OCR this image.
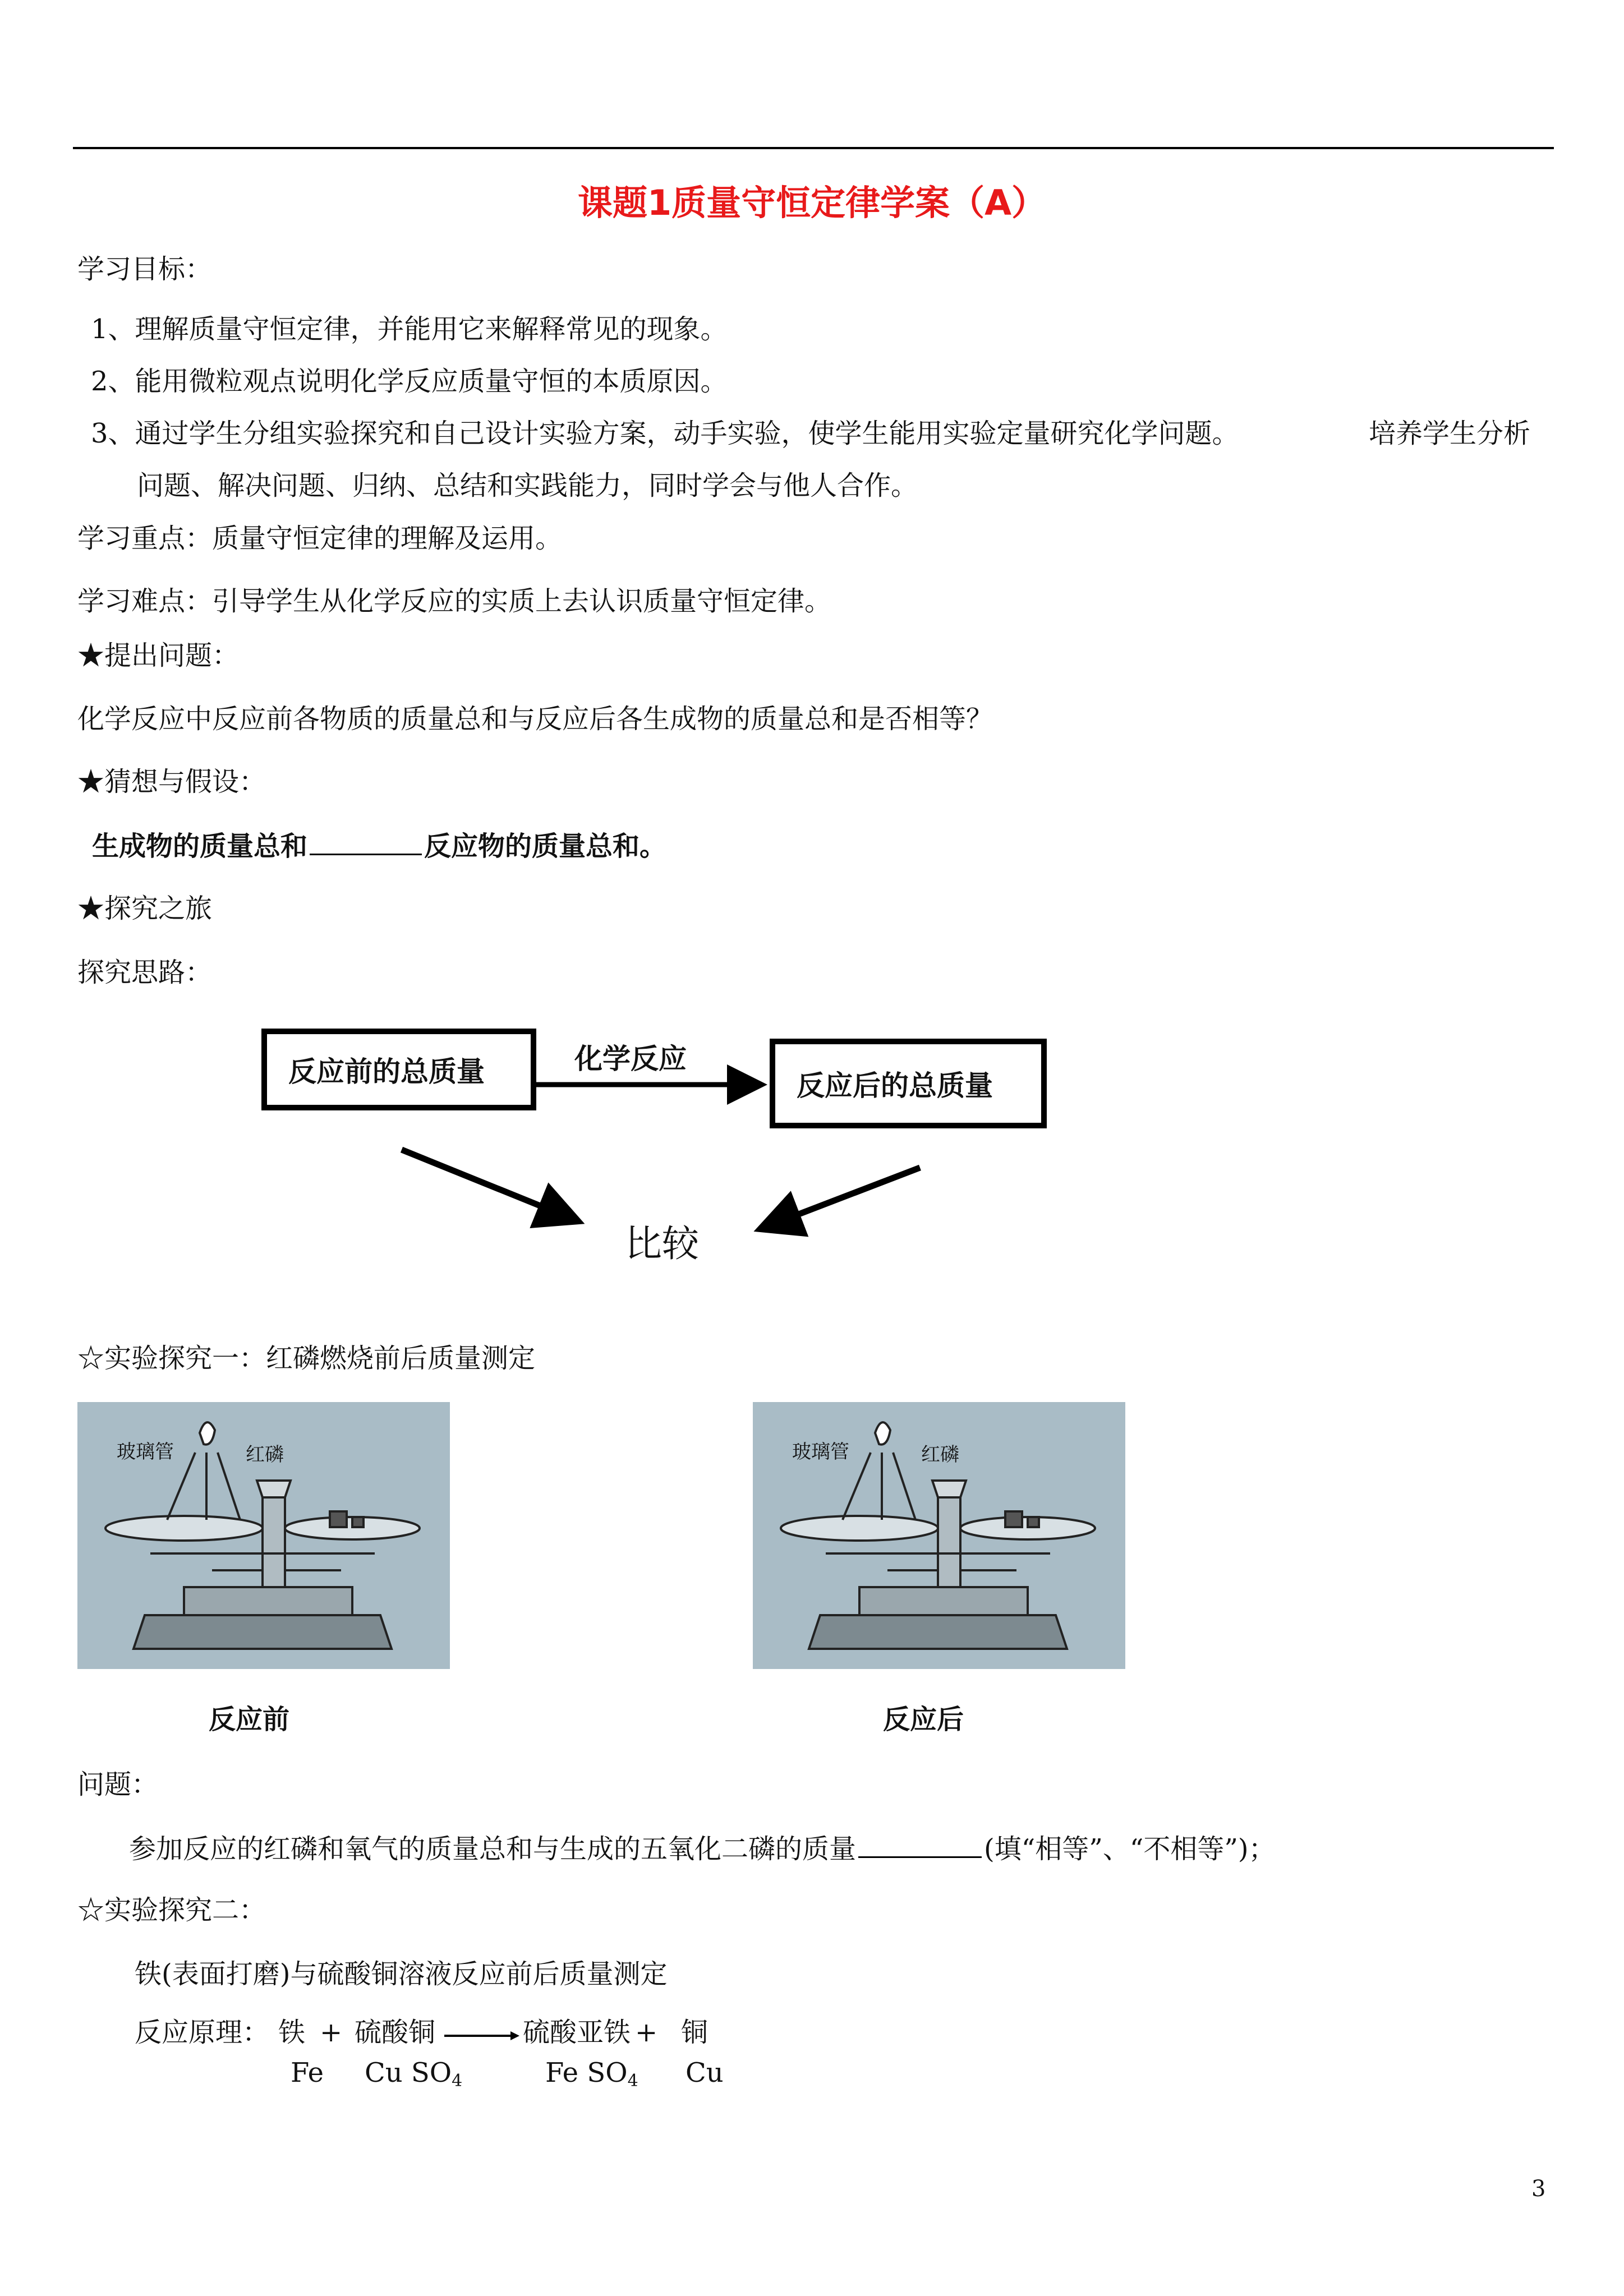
课题1质量守恒定律学案（A）
学习目标：
1、理解质量守恒定律，并能用它来解释常见的现象。
2、能用微粒观点说明化学反应质量守恒的本质原因。
3、通过学生分组实验探究和自己设计实验方案，动手实验，使学生能用实验定量研究化学问题。	培养学生分析
问题、解决问题、归纳、总结和实践能力，同时学会与他人合作。
学习重点：质量守恒定律的理解及运用。
学习难点：引导学生从化学反应的实质上去认识质量守恒定律。
★提出问题：
化学反应中反应前各物质的质量总和与反应后各生成物的质量总和是否相等？
★猜想与假设：
生成物的质量总和	反应物的质量总和。
★探究之旅
探究思路：
反应前的总质量	反应后的总质量
化学反应
比较
☆实验探究一：红磷燃烧前后质量测定
玻璃管	红磷	玻璃管	红磷
反应前	反应后
问题：
参加反应的红磷和氧气的质量总和与生成的五氧化二磷的质量	(填“相等”、“不相等”)；
☆实验探究二：
铁(表面打磨)与硫酸铜溶液反应前后质量测定
反应原理： 铁 + 硫酸铜	硫酸亚铁 + 铜
Fe Cu $SO_4$	Fe $SO_4$ Cu
3
